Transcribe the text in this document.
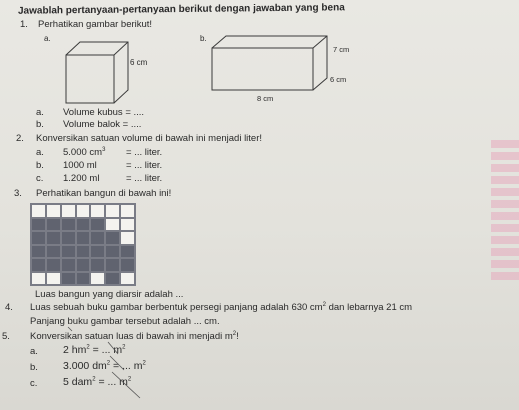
Jawablah pertanyaan-pertanyaan berikut dengan jawaban yang bena
1. Perhatikan gambar berikut!
a.	b.
6 cm
7 cm
6 cm
8 cm
a. Volume kubus = ....
b. Volume balok = ....
2. Konversikan satuan volume di bawah ini menjadi liter!
a. 5.000 $cm^3$ = ... liter.
b. 1000 ml	= ... liter.
c. 1.200 ml	= ... liter.
3. Perhatikan bangun di bawah ini!
Luas bangun yang diarsir adalah ...
4. Luas sebuah buku gambar berbentuk persegi panjang adalah 630 $cm^2$ dan lebarnya 21 cm
Panjang buku gambar tersebut adalah ... cm.
5. Konversikan satuan luas di bawah ini menjadi $m^2$!
a. 2 $hm^2$ = ... $m^2$
b. 3.000 $dm^2$ = ... $m^2$
c. 5 dam$^2$ = ... $m^2$
